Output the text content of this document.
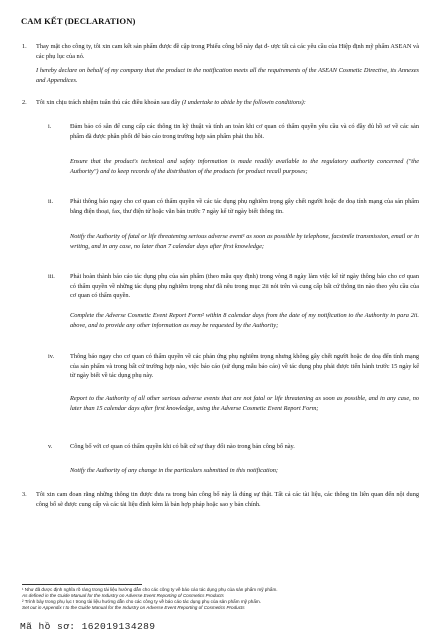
CAM KẾT (DECLARATION)
1. Thay mặt cho công ty, tôi xin cam kết sản phẩm được đề cập trong Phiếu công bố này đạt đ- ược tất cả các yêu cầu của Hiệp định mỹ phẩm ASEAN và các phụ lục của nó.
I hereby declare on behalf of my company that the product in the notification meets all the requirements of the ASEAN Cosmetic Directive, its Annexes and Appendices.
2. Tôi xin chịu trách nhiệm tuân thủ các điều khoản sau đây (I undertake to abide by the followin conditions):
i.	Đảm bảo có sẵn để cung cấp các thông tin kỹ thuật và tính an toàn khi cơ quan có thẩm quyền yêu cầu và có đầy đủ hồ sơ về các sản phẩm đã được phân phối để bảo cáo trong trường hợp sản phẩm phải thu hồi.
Ensure that the product's technical and safety information is made readily available to the regulatory authority concerned ("the Authority") and to keep records of the distribution of the products for product recall purposes;
ii.	Phải thông báo ngay cho cơ quan có thẩm quyền về các tác dụng phụ nghiêm trọng gây chết người hoặc đe doạ tính mạng của sản phẩm bằng điện thoại, fax, thư điện tử hoặc văn bản trước 7 ngày kể từ ngày biết thông tin.
Notify the Authority of fatal or life threatening serious adverse event¹ as soon as possible by telephone, facsimile transmission, email or in writing, and in any case, no later than 7 calendar days after first knowledge;
iii. Phải hoàn thành báo cáo tác dụng phụ của sản phẩm (theo mẫu quy định) trong vòng 8 ngày làm việc kể từ ngày thông báo cho cơ quan có thẩm quyền về những tác dụng phụ nghiêm trọng như đã nêu trong mục 2ii nói trên và cung cấp bất cứ thông tin nào theo yêu cầu của cơ quan có thẩm quyền.
Complete the Adverse Cosmetic Event Report Form² within 8 calendar days from the date of my notification to the Authority in para 2ii. above, and to provide any other information as may be requested by the Authority;
iv.	Thông báo ngay cho cơ quan có thẩm quyền về các phản ứng phụ nghiêm trọng nhưng không gây chết người hoặc đe doạ đến tính mạng của sản phẩm và trong bất cứ trường hợp nào, việc báo cáo (sử dụng mẫu báo cáo) về tác dụng phụ phải được tiến hành trước 15 ngày kể từ ngày biết về tác dụng phụ này.
Report to the Authority of all other serious adverse events that are not fatal or life threatening as soon as possible, and in any case, no later than 15 calendar days after first knowledge, using the Adverse Cosmetic Event Report Form;
v.	Công bố với cơ quan có thẩm quyền khi có bất cứ sự thay đổi nào trong bản công bố này.
Notify the Authority of any change in the particulars submitted in this notification;
3. Tôi xin cam đoan rằng những thông tin được đưa ra trong bản công bố này là đúng sự thật. Tất cả các tài liệu, các thông tin liên quan đến nội dung công bố sẽ được cung cấp và các tài liệu đính kèm là bản hợp pháp hoặc sao y bản chính.
¹ Như đã được định nghĩa rõ ràng trong tài liệu hướng dẫn cho các công ty về báo cáo tác dụng phụ của sản phẩm mỹ phẩm.
As defined in the Guide Manual for the Industry on Adverse Event Reporting of Cosmetics Products
² Trình bày trong phụ lục I trong tài liệu hướng dẫn cho các công ty về báo cáo tác dụng phụ của sản phẩm mỹ phẩm.
Set out in Appendix I to the Guide Manual for the Industry on Adverse Event Reporting of Cosmetics Products
Mã hồ sơ: 162019134289
